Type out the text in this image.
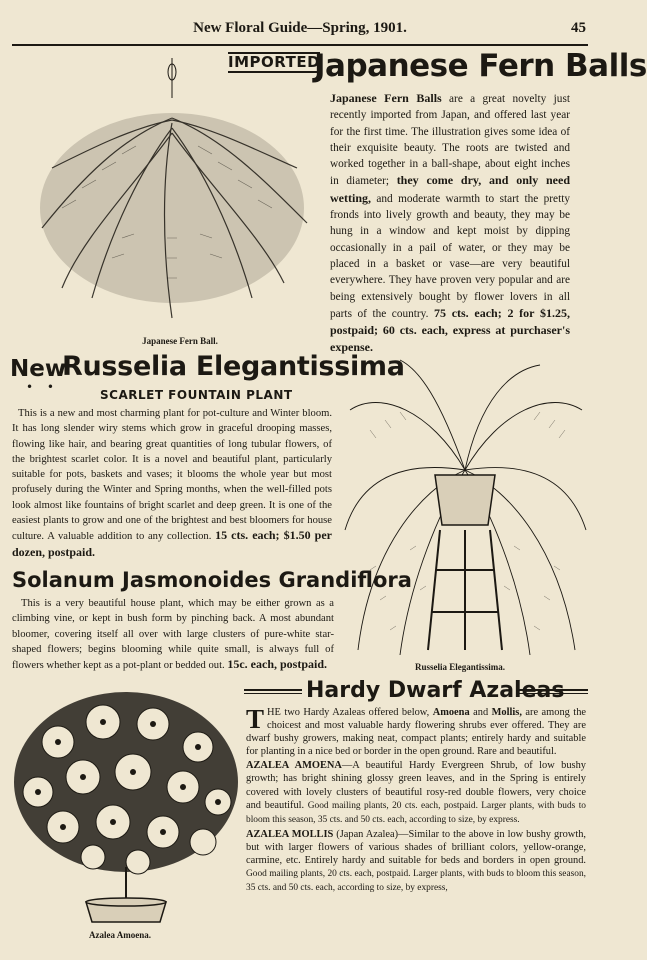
New Floral Guide—Spring, 1901.	45
IMPORTED
Japanese Fern Balls
Japanese Fern Ball.
Japanese Fern Balls are a great novelty just recently imported from Japan, and offered last year for the first time. The illustration gives some idea of their exquisite beauty. The roots are twisted and worked together in a ball-shape, about eight inches in diameter; they come dry, and only need wetting, and moderate warmth to start the pretty fronds into lively growth and beauty, they may be hung in a window and kept moist by dipping occasionally in a pail of water, or they may be placed in a basket or vase—are very beautiful everywhere. They have proven very popular and are being extensively bought by flower lovers in all parts of the country. 75 cts. each; 2 for $1.25, postpaid; 60 cts. each, express at purchaser's expense.
New
• •
Russelia Elegantissima
SCARLET FOUNTAIN PLANT
This is a new and most charming plant for pot-culture and Winter bloom. It has long slender wiry stems which grow in graceful drooping masses, flowing like hair, and bearing great quantities of long tubular flowers, of the brightest scarlet color. It is a novel and beautiful plant, particularly suitable for pots, baskets and vases; it blooms the whole year but most profusely during the Winter and Spring months, when the well-filled pots look almost like fountains of bright scarlet and deep green. It is one of the easiest plants to grow and one of the brightest and best bloomers for house culture. A valuable addition to any collection. 15 cts. each; $1.50 per dozen, postpaid.
Russelia Elegantissima.
Solanum Jasmonoides Grandiflora
This is a very beautiful house plant, which may be either grown as a climbing vine, or kept in bush form by pinching back. A most abundant bloomer, covering itself all over with large clusters of pure-white star-shaped flowers; begins blooming while quite small, is always full of flowers whether kept as a pot-plant or bedded out. 15c. each, postpaid.
Hardy Dwarf Azaleas
Azalea Amoena.

THE two Hardy Azaleas offered below, Amoena and Mollis, are among the choicest and most valuable hardy flowering shrubs ever offered. They are dwarf bushy growers, making neat, compact plants; entirely hardy and suitable for planting in a nice bed or border in the open ground. Rare and beautiful.

AZALEA AMOENA—A beautiful Hardy Evergreen Shrub, of low bushy growth; has bright shining glossy green leaves, and in the Spring is entirely covered with lovely clusters of beautiful rosy-red double flowers, very choice and beautiful. Good mailing plants, 20 cts. each, postpaid. Larger plants, with buds to bloom this season, 35 cts. and 50 cts. each, according to size, by express.

AZALEA MOLLIS (Japan Azalea)—Similar to the above in low bushy growth, but with larger flowers of various shades of brilliant colors, yellow-orange, carmine, etc. Entirely hardy and suitable for beds and borders in open ground. Good mailing plants, 20 cts. each, postpaid. Larger plants, with buds to bloom this season, 35 cts. and 50 cts. each, according to size, by express,
